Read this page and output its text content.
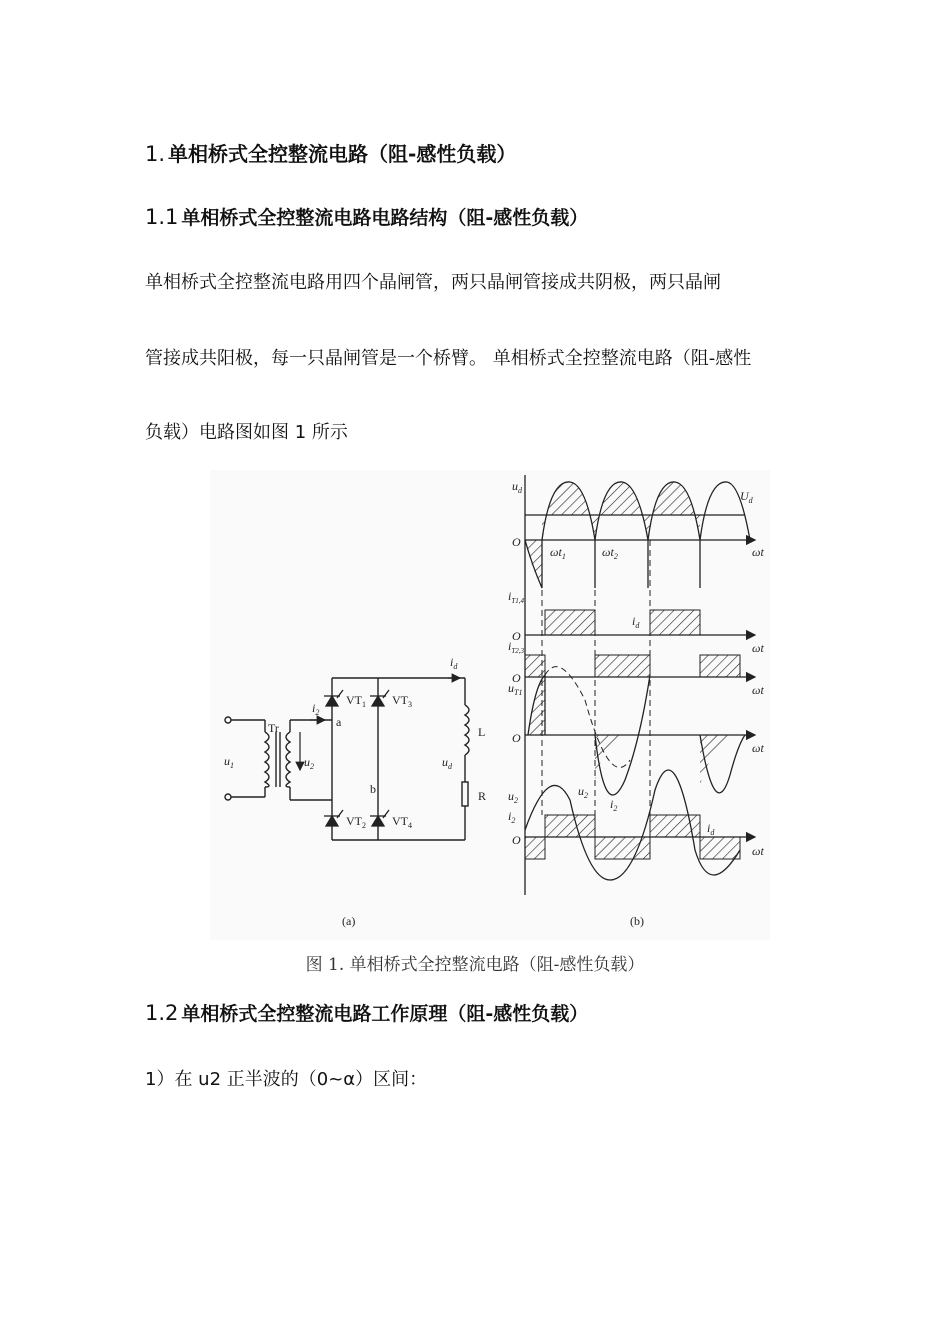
1. 单相桥式全控整流电路（阻-感性负载）
1.1 单相桥式全控整流电路电路结构（阻-感性负载）
单相桥式全控整流电路用四个晶闸管，两只晶闸管接成共阴极，两只晶闸
管接成共阳极，每一只晶闸管是一个桥臂。 单相桥式全控整流电路（阻-感性
负载）电路图如图 1 所示
$u_1$
Tr
$u_2$
$i_2$
a
b
$i_d$
$u_d$
L
R
$VT_1$ $VT_3$
$VT_2$ $VT_4$
(a)	(b)
$u_d$	$U_d$
O
$\omega t_1$	$\omega t_2$	ωt
$i_{T1,4}$
$i_d$
O
ωt
$i_{T2,3}$
O
ωt
$u_{T1}$
O
ωt
$u_2$
$i_2$
$u_2$
$i_2$
$i_d$
O
ωt
图 1. 单相桥式全控整流电路（阻-感性负载）
1.2 单相桥式全控整流电路工作原理（阻-感性负载）
1）在 u2 正半波的（0~α）区间：
